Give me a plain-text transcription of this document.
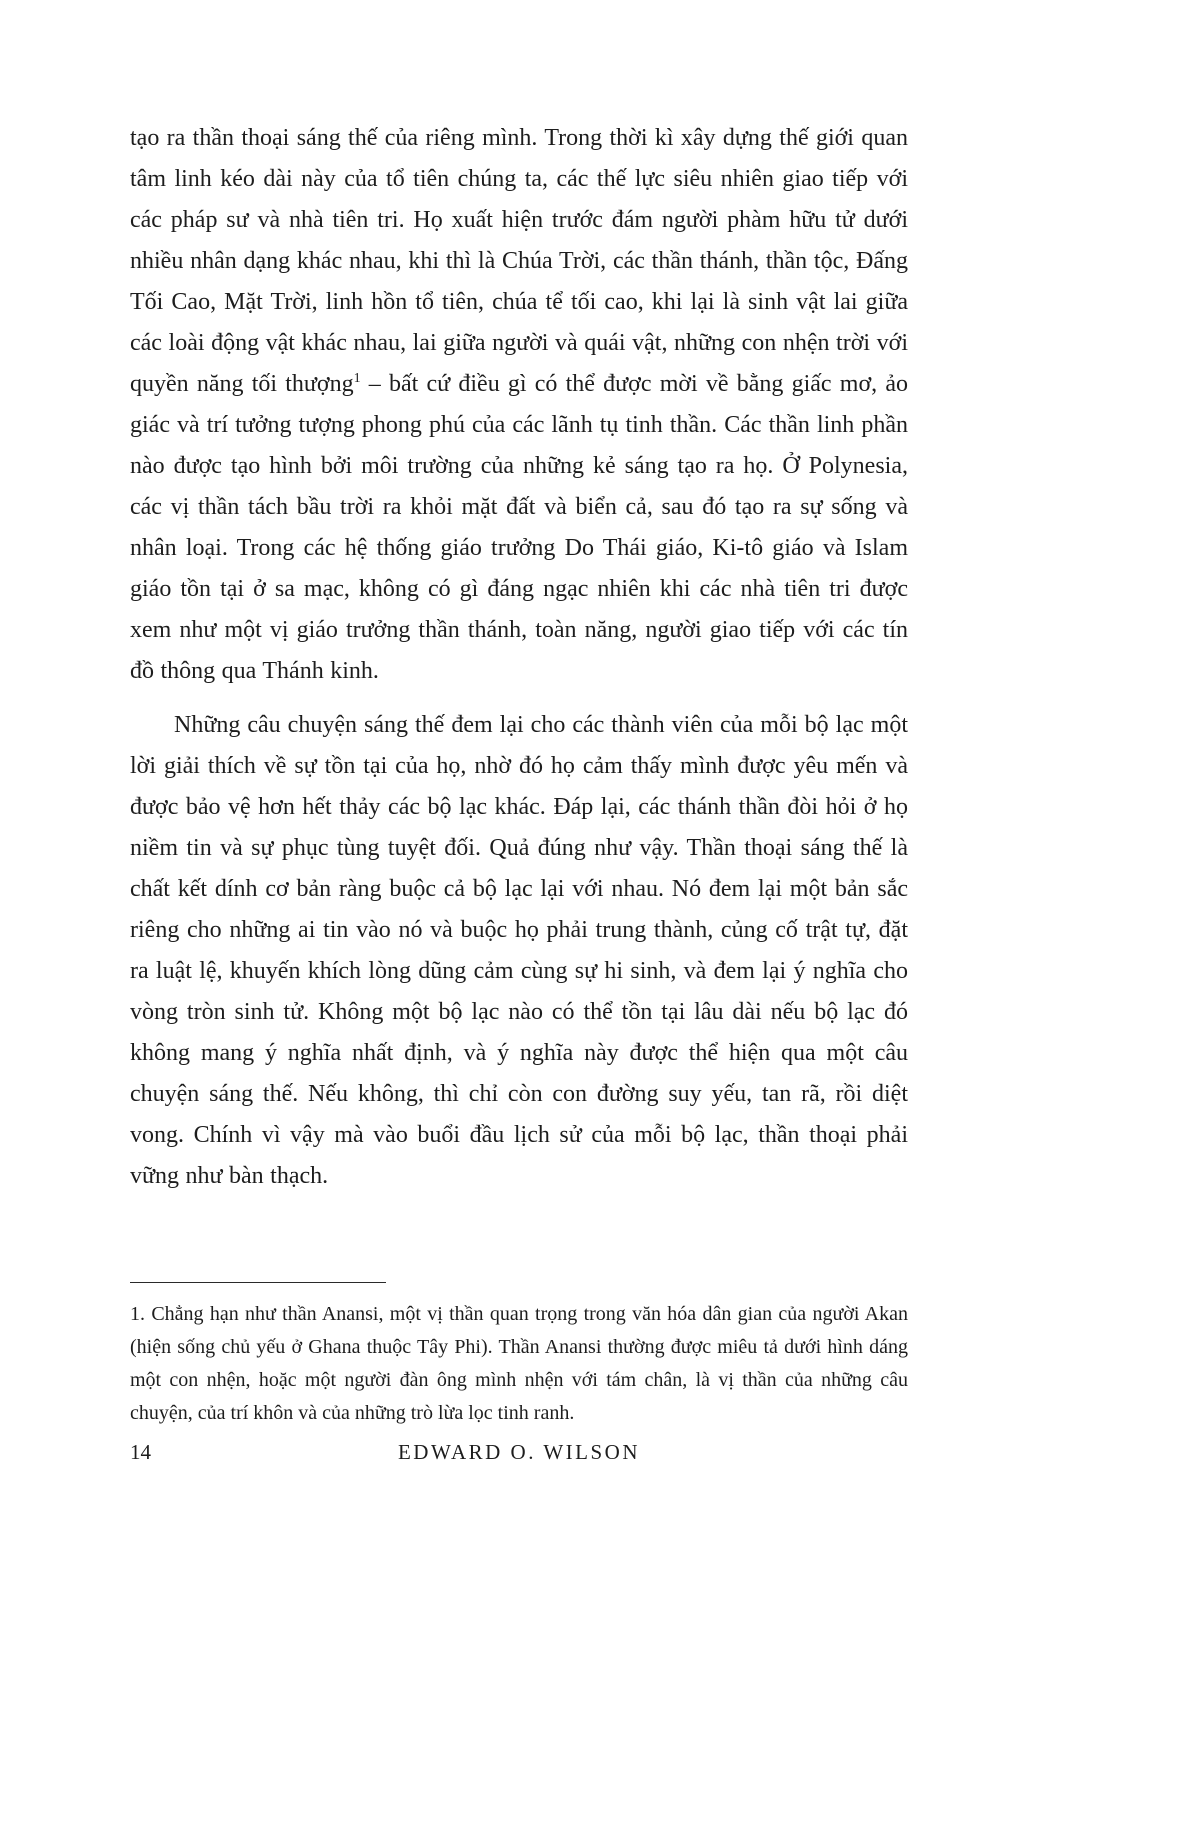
tạo ra thần thoại sáng thế của riêng mình. Trong thời kì xây dựng thế giới quan tâm linh kéo dài này của tổ tiên chúng ta, các thế lực siêu nhiên giao tiếp với các pháp sư và nhà tiên tri. Họ xuất hiện trước đám người phàm hữu tử dưới nhiều nhân dạng khác nhau, khi thì là Chúa Trời, các thần thánh, thần tộc, Đấng Tối Cao, Mặt Trời, linh hồn tổ tiên, chúa tể tối cao, khi lại là sinh vật lai giữa các loài động vật khác nhau, lai giữa người và quái vật, những con nhện trời với quyền năng tối thượng$^1$ – bất cứ điều gì có thể được mời về bằng giấc mơ, ảo giác và trí tưởng tượng phong phú của các lãnh tụ tinh thần. Các thần linh phần nào được tạo hình bởi môi trường của những kẻ sáng tạo ra họ. Ở Polynesia, các vị thần tách bầu trời ra khỏi mặt đất và biển cả, sau đó tạo ra sự sống và nhân loại. Trong các hệ thống giáo trưởng Do Thái giáo, Ki-tô giáo và Islam giáo tồn tại ở sa mạc, không có gì đáng ngạc nhiên khi các nhà tiên tri được xem như một vị giáo trưởng thần thánh, toàn năng, người giao tiếp với các tín đồ thông qua Thánh kinh.

Những câu chuyện sáng thế đem lại cho các thành viên của mỗi bộ lạc một lời giải thích về sự tồn tại của họ, nhờ đó họ cảm thấy mình được yêu mến và được bảo vệ hơn hết thảy các bộ lạc khác. Đáp lại, các thánh thần đòi hỏi ở họ niềm tin và sự phục tùng tuyệt đối. Quả đúng như vậy. Thần thoại sáng thế là chất kết dính cơ bản ràng buộc cả bộ lạc lại với nhau. Nó đem lại một bản sắc riêng cho những ai tin vào nó và buộc họ phải trung thành, củng cố trật tự, đặt ra luật lệ, khuyến khích lòng dũng cảm cùng sự hi sinh, và đem lại ý nghĩa cho vòng tròn sinh tử. Không một bộ lạc nào có thể tồn tại lâu dài nếu bộ lạc đó không mang ý nghĩa nhất định, và ý nghĩa này được thể hiện qua một câu chuyện sáng thế. Nếu không, thì chỉ còn con đường suy yếu, tan rã, rồi diệt vong. Chính vì vậy mà vào buổi đầu lịch sử của mỗi bộ lạc, thần thoại phải vững như bàn thạch.

1. Chẳng hạn như thần Anansi, một vị thần quan trọng trong văn hóa dân gian của người Akan (hiện sống chủ yếu ở Ghana thuộc Tây Phi). Thần Anansi thường được miêu tả dưới hình dáng một con nhện, hoặc một người đàn ông mình nhện với tám chân, là vị thần của những câu chuyện, của trí khôn và của những trò lừa lọc tinh ranh.

14	EDWARD O. WILSON
